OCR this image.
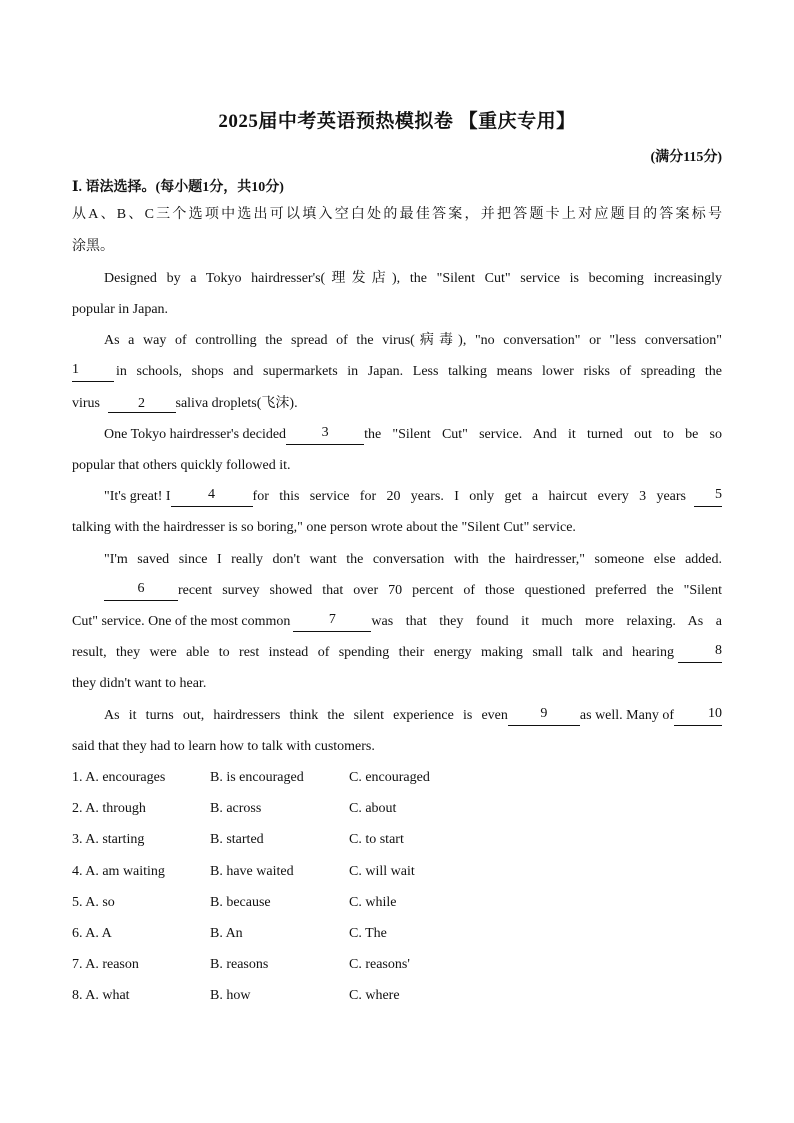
2025届中考英语预热模拟卷 【重庆专用】
(满分115分)
Ⅰ. 语法选择。(每小题1分，共10分)
从A、B、C三个选项中选出可以填入空白处的最佳答案，并把答题卡上对应题目的答案标号
涂黑。
Designed by a Tokyo hairdresser's(理发店), the "Silent Cut" service is becoming increasingly
popular in Japan.
As a way of controlling the spread of the virus(病毒), "no conversation" or "less conversation"
1	in schools, shops and supermarkets in Japan. Less talking means lower risks of spreading the
virus	2 saliva droplets(飞沫).
One Tokyo hairdresser's decided	3	the "Silent Cut" service. And it turned out to be so
popular that others quickly followed it.
"It's great! I	4	for this service for 20 years. I only get a haircut every 3 years	5
talking with the hairdresser is so boring," one person wrote about the "Silent Cut" service.
"I'm saved since I really don't want the conversation with the hairdresser," someone else added.
6	recent survey showed that over 70 percent of those questioned preferred the "Silent
Cut" service. One of the most common	7	was that they found it much more relaxing. As a
result, they were able to rest instead of spending their energy making small talk and hearing	8
they didn't want to hear.
As it turns out, hairdressers think the silent experience is even	9	as well. Many of	10
said that they had to learn how to talk with customers.
1. A. encourages	B. is encouraged	C. encouraged
2. A. through	B. across	C. about
3. A. starting	B. started	C. to start
4. A. am waiting	B. have waited	C. will wait
5. A. so	B. because	C. while
6. A. A	B. An	C. The
7. A. reason	B. reasons	C. reasons'
8. A. what	B. how	C. where
